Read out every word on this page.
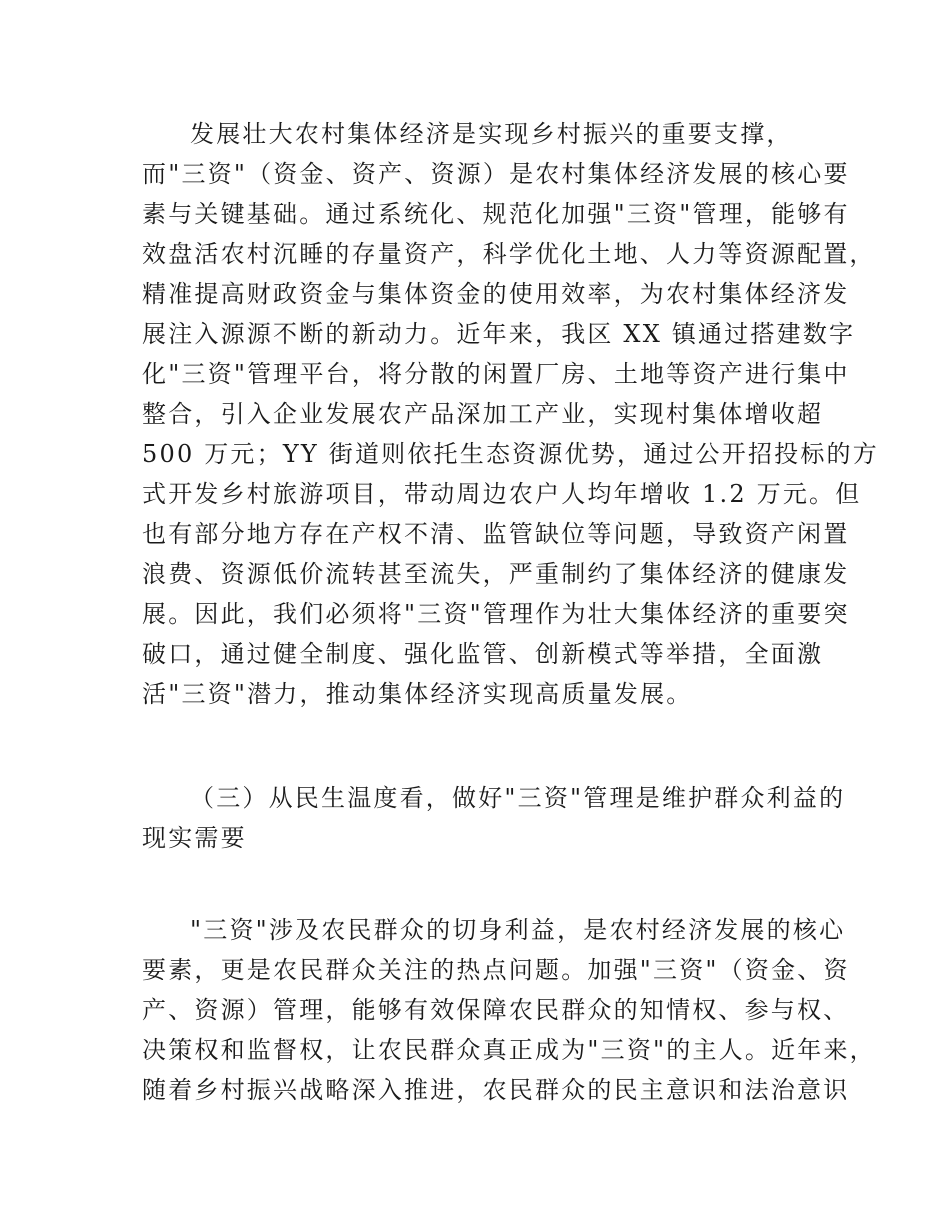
发展壮大农村集体经济是实现乡村振兴的重要支撑，
而"三资"（资金、资产、资源）是农村集体经济发展的核心要
素与关键基础。通过系统化、规范化加强"三资"管理，能够有
效盘活农村沉睡的存量资产，科学优化土地、人力等资源配置，
精准提高财政资金与集体资金的使用效率，为农村集体经济发
展注入源源不断的新动力。近年来，我区 XX 镇通过搭建数字
化"三资"管理平台，将分散的闲置厂房、土地等资产进行集中
整合，引入企业发展农产品深加工产业，实现村集体增收超
500 万元；YY 街道则依托生态资源优势，通过公开招投标的方
式开发乡村旅游项目，带动周边农户人均年增收 1.2 万元。但
也有部分地方存在产权不清、监管缺位等问题，导致资产闲置
浪费、资源低价流转甚至流失，严重制约了集体经济的健康发
展。因此，我们必须将"三资"管理作为壮大集体经济的重要突
破口，通过健全制度、强化监管、创新模式等举措，全面激
活"三资"潜力，推动集体经济实现高质量发展。
（三）从民生温度看，做好"三资"管理是维护群众利益的
现实需要
"三资"涉及农民群众的切身利益，是农村经济发展的核心
要素，更是农民群众关注的热点问题。加强"三资"（资金、资
产、资源）管理，能够有效保障农民群众的知情权、参与权、
决策权和监督权，让农民群众真正成为"三资"的主人。近年来，
随着乡村振兴战略深入推进，农民群众的民主意识和法治意识
